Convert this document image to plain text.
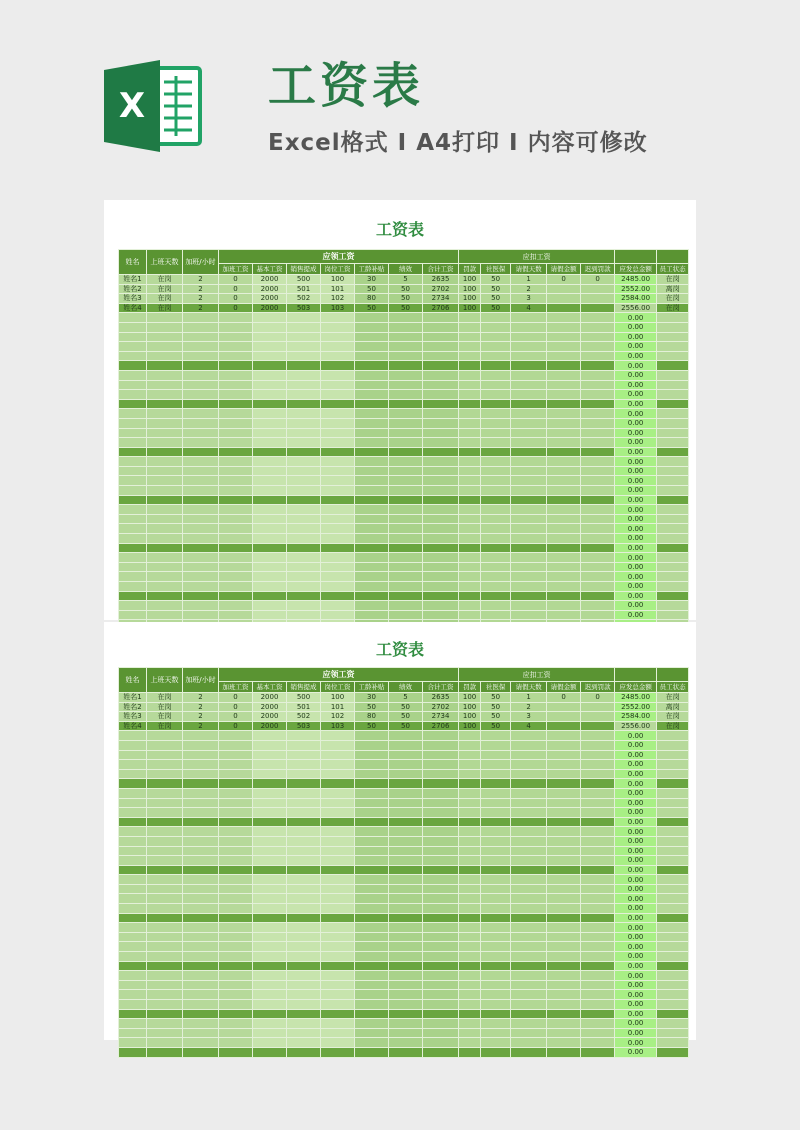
X	工资表
Excel格式 I A4打印 I 内容可修改
工资表
姓名	上班天数	加班/小时	应领工资							应扣工资						
			加班工资	基本工资	销售提成	岗位工资	工龄补贴	绩效	合计工资	罚款	社医保	请假天数	请假金额	迟到罚款	应发总金额	员工状态
姓名1	在岗	2	0	2000	500	100	30	5	2635	100	50	1	0	0	2485.00	在岗
姓名2	在岗	2	0	2000	501	101	50	50	2702	100	50	2			2552.00	离岗
姓名3	在岗	2	0	2000	502	102	80	50	2734	100	50	3			2584.00	在岗
姓名4	在岗	2	0	2000	503	103	50	50	2706	100	50	4			2556.00	在岗
															0.00	
															0.00	
															0.00	
															0.00	
															0.00	
															0.00	
															0.00	
															0.00	
															0.00	
															0.00	
															0.00	
															0.00	
															0.00	
															0.00	
															0.00	
															0.00	
															0.00	
															0.00	
															0.00	
															0.00	
															0.00	
															0.00	
															0.00	
															0.00	
															0.00	
															0.00	
															0.00	
															0.00	
															0.00	
															0.00	
															0.00	
															0.00	

工资表
姓名	上班天数	加班/小时	应领工资							应扣工资						
			加班工资	基本工资	销售提成	岗位工资	工龄补贴	绩效	合计工资	罚款	社医保	请假天数	请假金额	迟到罚款	应发总金额	员工状态
姓名1	在岗	2	0	2000	500	100	30	5	2635	100	50	1	0	0	2485.00	在岗
姓名2	在岗	2	0	2000	501	101	50	50	2702	100	50	2			2552.00	离岗
姓名3	在岗	2	0	2000	502	102	80	50	2734	100	50	3			2584.00	在岗
姓名4	在岗	2	0	2000	503	103	50	50	2706	100	50	4			2556.00	在岗
															0.00	
															0.00	
															0.00	
															0.00	
															0.00	
															0.00	
															0.00	
															0.00	
															0.00	
															0.00	
															0.00	
															0.00	
															0.00	
															0.00	
															0.00	
															0.00	
															0.00	
															0.00	
															0.00	
															0.00	
															0.00	
															0.00	
															0.00	
															0.00	
															0.00	
															0.00	
															0.00	
															0.00	
															0.00	
															0.00	
															0.00	
															0.00	
															0.00	
															0.00	
